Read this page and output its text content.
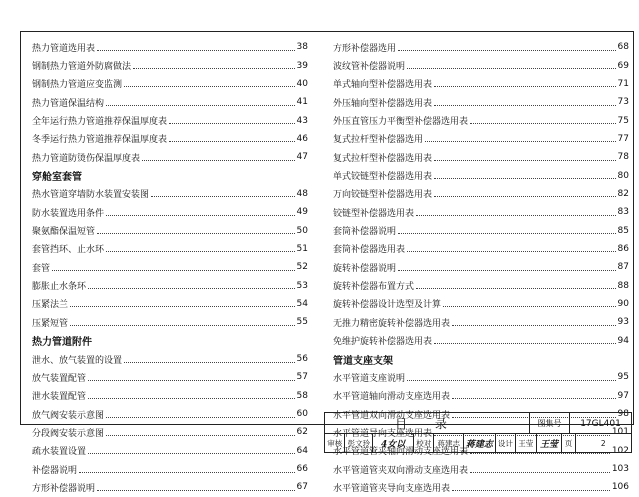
热力管道选用表	38
钢制热力管道外防腐做法	39
钢制热力管道应变监测	40
热力管道保温结构	41
全年运行热力管道推荐保温厚度表	43
冬季运行热力管道推荐保温厚度表	46
热力管道防烫伤保温厚度表	47
穿舱室套管
热水管道穿墙防水装置安装图	48
防水装置选用条件	49
聚氨酯保温短管	50
套管挡环、止水环	51
套管	52
膨胀止水条环	53
压紧法兰	54
压紧短管	55
热力管道附件
泄水、放气装置的设置	56
放气装置配管	57
泄水装置配管	58
放气阀安装示意图	60
分段阀安装示意图	62
疏水装置设置	64
补偿器说明	66
方形补偿器说明	67
方形补偿器选用	68
波纹管补偿器说明	69
单式轴向型补偿器选用表	71
外压轴向型补偿器选用表	73
外压直管压力平衡型补偿器选用表	75
复式拉杆型补偿器选用	77
复式拉杆型补偿器选用表	78
单式铰链型补偿器选用表	80
万向铰链型补偿器选用表	82
铰链型补偿器选用表	83
套筒补偿器说明	85
套筒补偿器选用表	86
旋转补偿器说明	87
旋转补偿器布置方式	88
旋转补偿器设计选型及计算	90
无推力精密旋转补偿器选用表	93
免维护旋转补偿器选用表	94
管道支座支架
水平管道支座说明	95
水平管道轴向滑动支座选用表	97
水平管道双向滑动支座选用表	98
水平管道导向支座选用表	101
水平管道管夹轴向滑动支座选用表	102
水平管道管夹双向滑动支座选用表	103
水平管道管夹导向支座选用表	106
目 录	图集号	17GL401
审核 彭文玲	4女以	校对 蒋建志 蒋建志 设计 王莹 王莹 页	2
